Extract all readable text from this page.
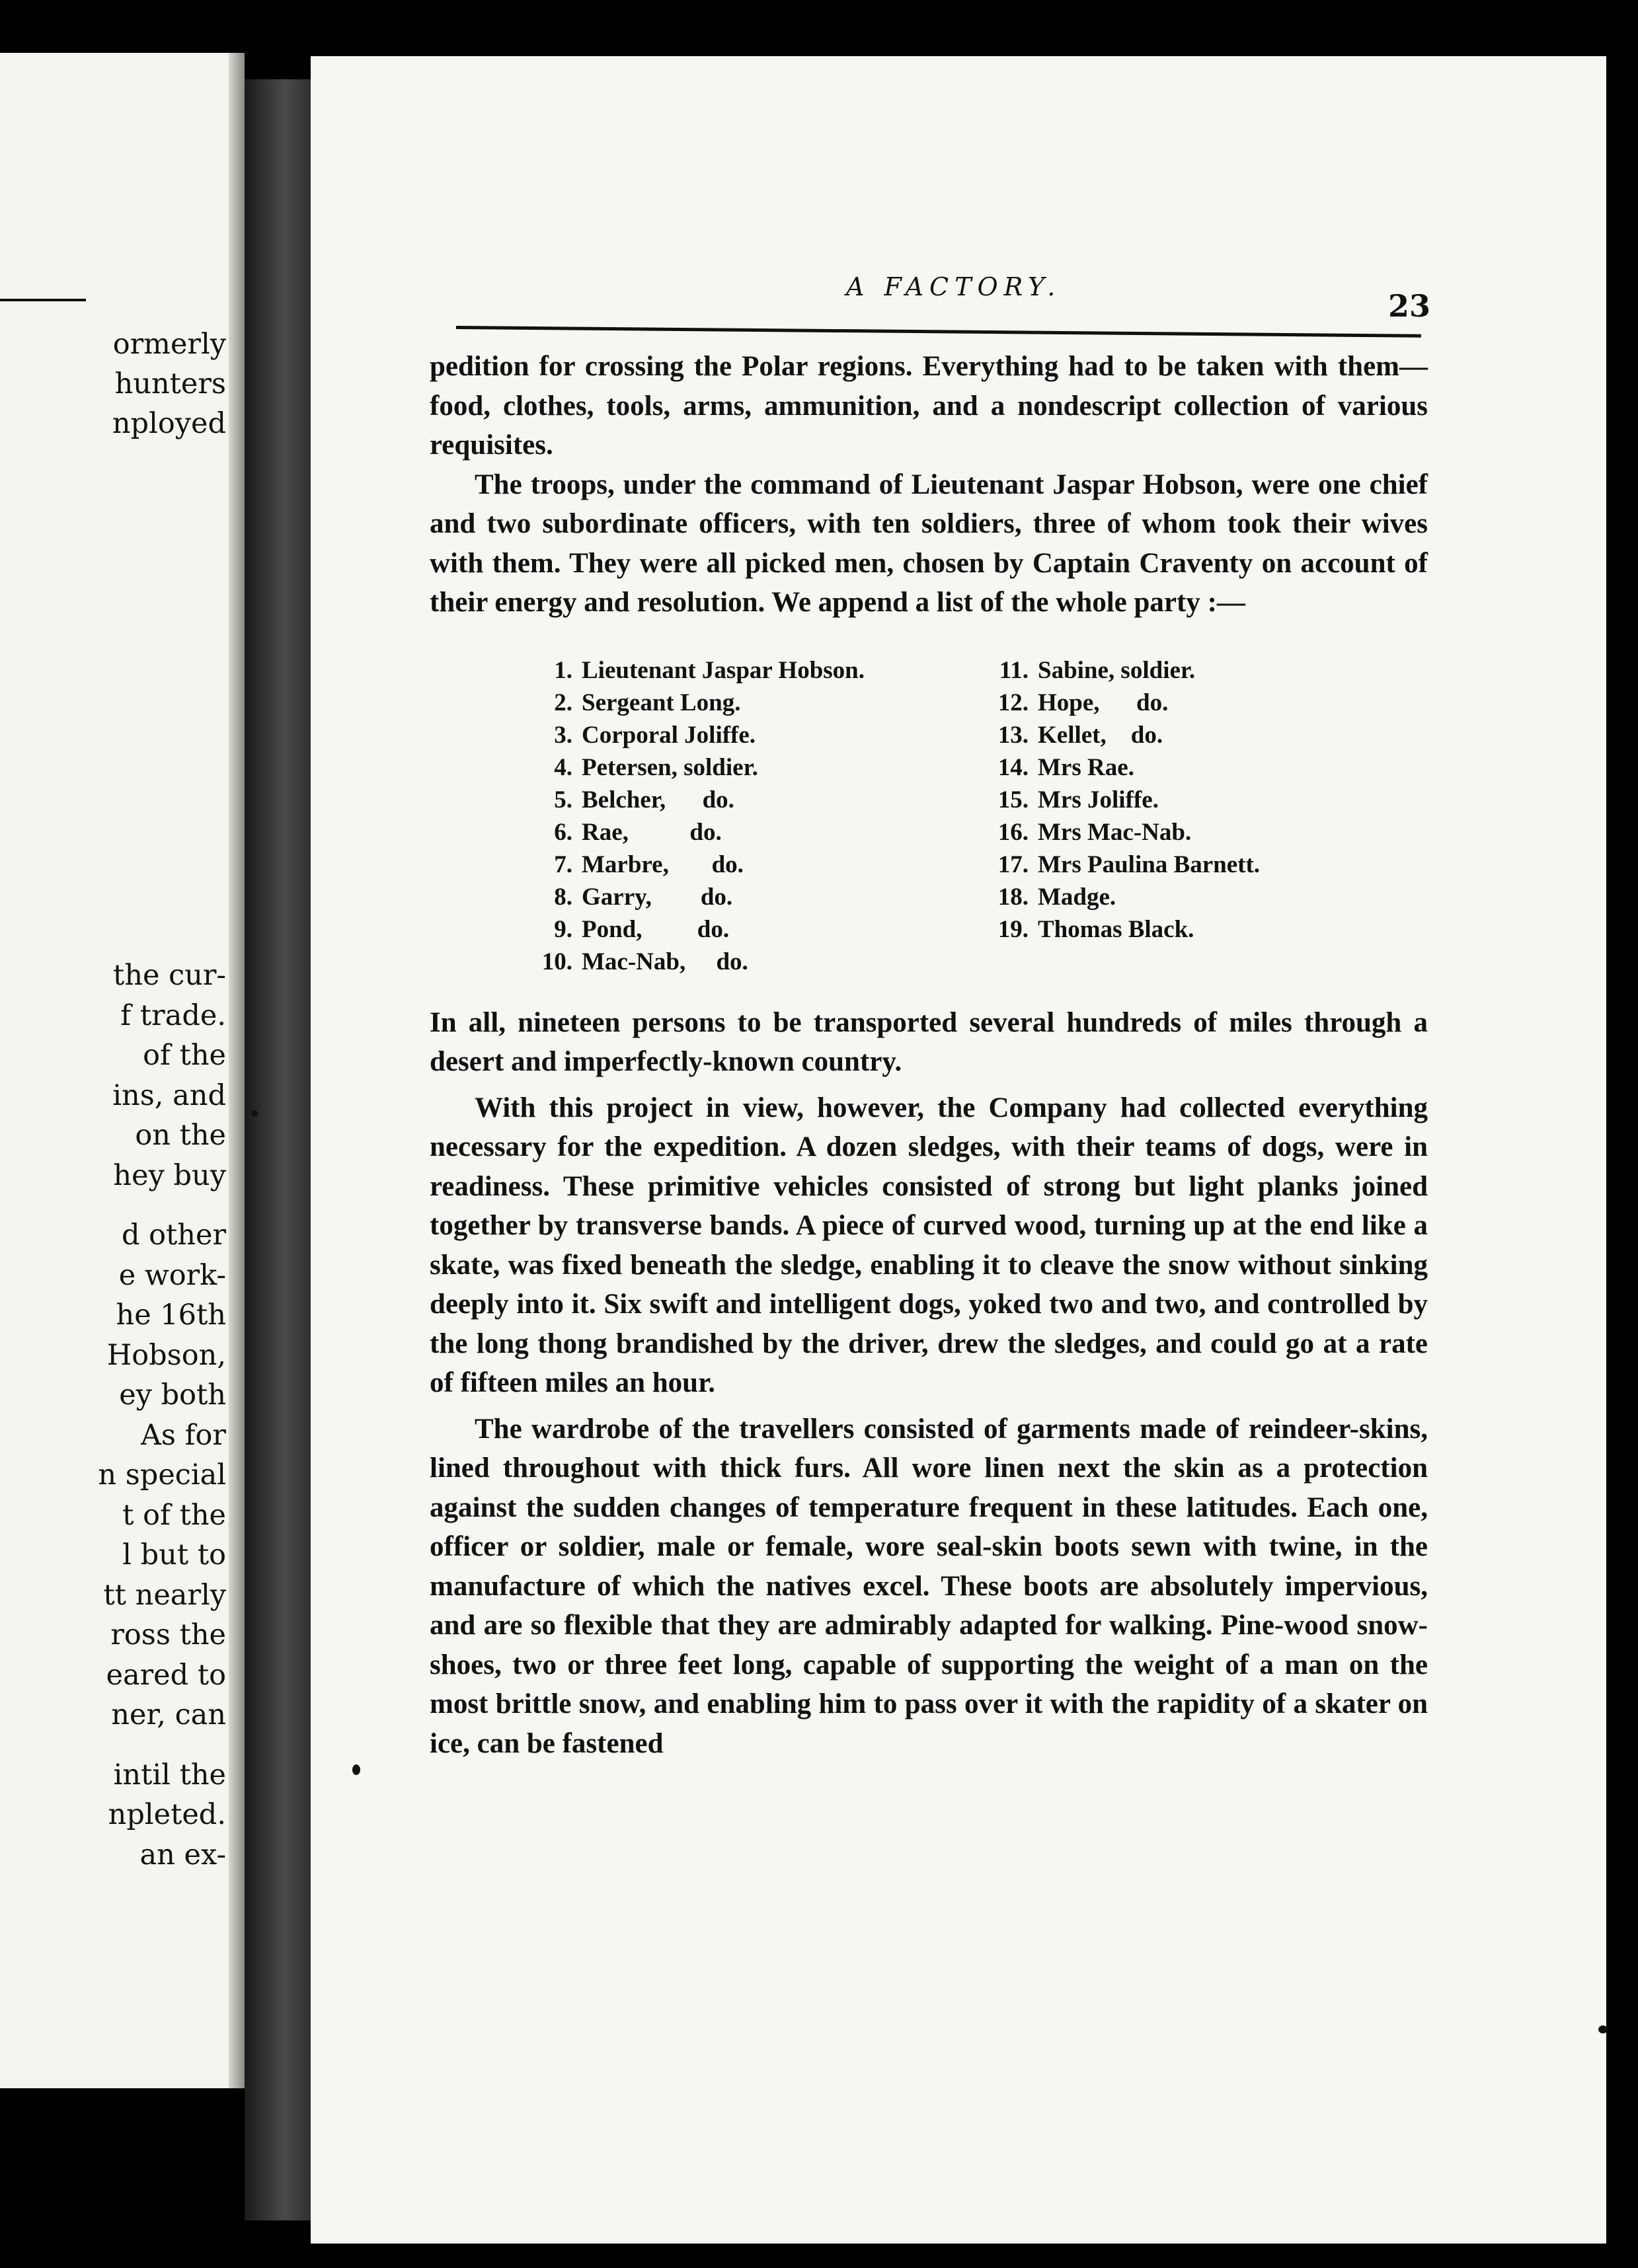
ormerly
hunters
nployed
the cur-
f trade.
of the
ins, and
on the
hey buy
d other
e work-
he 16th
Hobson,
ey both
As for
n special
t of the
l but to
tt nearly
ross the
eared to
ner, can
intil the
npleted.
an ex-
A FACTORY.
23

pedition for crossing the Polar regions. Everything had to be taken with them—food, clothes, tools, arms, ammunition, and a nondescript collection of various requisites.

The troops, under the command of Lieutenant Jaspar Hobson, were one chief and two subordinate officers, with ten soldiers, three of whom took their wives with them. They were all picked men, chosen by Captain Craventy on account of their energy and resolution. We append a list of the whole party :—

1. Lieutenant Jaspar Hobson.
2. Sergeant Long.
3. Corporal Joliffe.
4. Petersen, soldier.
5. Belcher,      do.
6. Rae,          do.
7. Marbre,       do.
8. Garry,        do.
9. Pond,         do.
10. Mac-Nab,     do.
11. Sabine, soldier.
12. Hope,      do.
13. Kellet,    do.
14. Mrs Rae.
15. Mrs Joliffe.
16. Mrs Mac-Nab.
17. Mrs Paulina Barnett.
18. Madge.
19. Thomas Black.

In all, nineteen persons to be transported several hundreds of miles through a desert and imperfectly-known country.

With this project in view, however, the Company had collected everything necessary for the expedition. A dozen sledges, with their teams of dogs, were in readiness. These primitive vehicles consisted of strong but light planks joined together by transverse bands. A piece of curved wood, turning up at the end like a skate, was fixed beneath the sledge, enabling it to cleave the snow without sinking deeply into it. Six swift and intelligent dogs, yoked two and two, and controlled by the long thong brandished by the driver, drew the sledges, and could go at a rate of fifteen miles an hour.

The wardrobe of the travellers consisted of garments made of reindeer-skins, lined throughout with thick furs. All wore linen next the skin as a protection against the sudden changes of temperature frequent in these latitudes. Each one, officer or soldier, male or female, wore seal-skin boots sewn with twine, in the manufacture of which the natives excel. These boots are absolutely impervious, and are so flexible that they are admirably adapted for walking. Pine-wood snow-shoes, two or three feet long, capable of supporting the weight of a man on the most brittle snow, and enabling him to pass over it with the rapidity of a skater on ice, can be fastened
